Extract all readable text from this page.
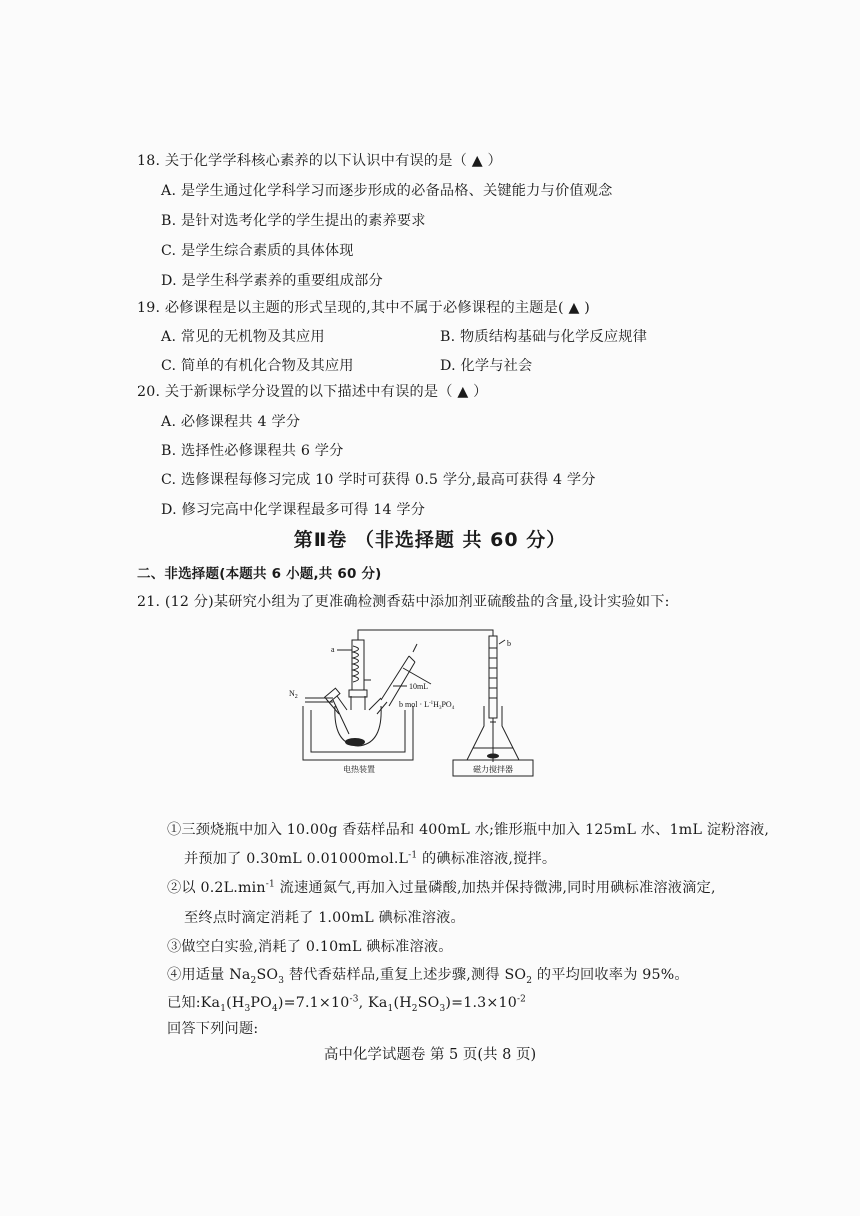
18. 关于化学学科核心素养的以下认识中有误的是（ ▲ ）
A. 是学生通过化学科学习而逐步形成的必备品格、关键能力与价值观念
B. 是针对选考化学的学生提出的素养要求
C. 是学生综合素质的具体体现
D. 是学生科学素养的重要组成部分
19. 必修课程是以主题的形式呈现的,其中不属于必修课程的主题是( ▲ )
A. 常见的无机物及其应用	B. 物质结构基础与化学反应规律
C. 简单的有机化合物及其应用	D. 化学与社会
20. 关于新课标学分设置的以下描述中有误的是（ ▲ ）
A. 必修课程共 4 学分
B. 选择性必修课程共 6 学分
C. 选修课程每修习完成 10 学时可获得 0.5 学分,最高可获得 4 学分
D. 修习完高中化学课程最多可得 14 学分
第Ⅱ卷 （非选择题 共 60 分）
二、非选择题(本题共 6 小题,共 60 分)
21. (12 分)某研究小组为了更准确检测香菇中添加剂亚硫酸盐的含量,设计实验如下:
a
b
$N_2$
10mL
b mol · $L^{-1}H_3PO_4$
电热装置	磁力搅拌器
①三颈烧瓶中加入 10.00g 香菇样品和 400mL 水;锥形瓶中加入 125mL 水、1mL 淀粉溶液,
并预加了 0.30mL $0.01000mol.L^{-1}$ 的碘标准溶液,搅拌。
②以 $0.2L.\min^{-1}$ 流速通氮气,再加入过量磷酸,加热并保持微沸,同时用碘标准溶液滴定,
至终点时滴定消耗了 1.00mL 碘标准溶液。
③做空白实验,消耗了 0.10mL 碘标准溶液。
④用适量 $Na_2SO_3$ 替代香菇样品,重复上述步骤,测得 $SO_2$ 的平均回收率为 95%。
已知$:Ka_1(H_3PO_4)=7.1\times 10^{-3}$, $Ka_1(H_2SO_3)=1.3\times 10^{-2}$
回答下列问题:
高中化学试题卷 第 5 页(共 8 页)
